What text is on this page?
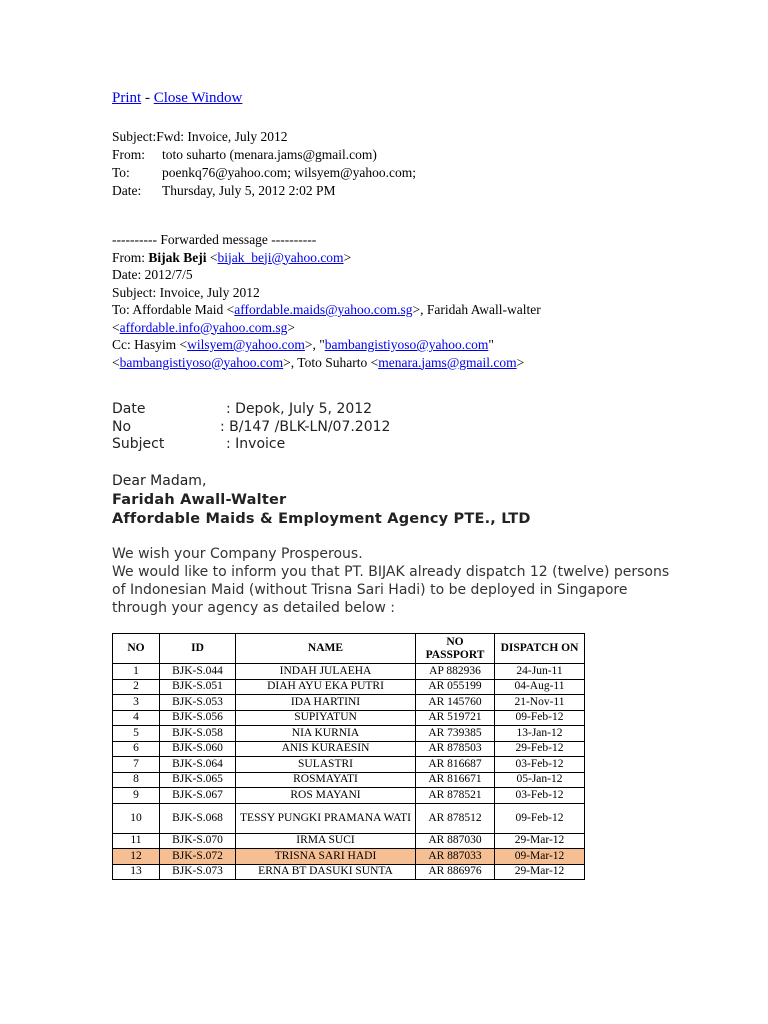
Print - Close Window
Subject:Fwd: Invoice, July 2012
From: toto suharto (menara.jams@gmail.com)
To: poenkq76@yahoo.com; wilsyem@yahoo.com;
Date: Thursday, July 5, 2012 2:02 PM
---------- Forwarded message ----------
From: Bijak Beji <bijak_beji@yahoo.com>
Date: 2012/7/5
Subject: Invoice, July 2012
To: Affordable Maid <affordable.maids@yahoo.com.sg>, Faridah Awall-walter
<affordable.info@yahoo.com.sg>
Cc: Hasyim <wilsyem@yahoo.com>, "bambangistiyoso@yahoo.com"
<bambangistiyoso@yahoo.com>, Toto Suharto <menara.jams@gmail.com>
Date	: Depok, July 5, 2012
No	: B/147 /BLK-LN/07.2012
Subject	: Invoice
Dear Madam,
Faridah Awall-Walter
Affordable Maids & Employment Agency PTE., LTD
We wish your Company Prosperous.
We would like to inform you that PT. BIJAK already dispatch 12 (twelve) persons of Indonesian Maid (without Trisna Sari Hadi) to be deployed in Singapore through your agency as detailed below :
NO	ID	NAME	NO PASSPORT	DISPATCH ON
1	BJK-S.044	INDAH JULAEHA	AP 882936	24-Jun-11
2	BJK-S.051	DIAH AYU EKA PUTRI	AR 055199	04-Aug-11
3	BJK-S.053	IDA HARTINI	AR 145760	21-Nov-11
4	BJK-S.056	SUPIYATUN	AR 519721	09-Feb-12
5	BJK-S.058	NIA KURNIA	AR 739385	13-Jan-12
6	BJK-S.060	ANIS KURAESIN	AR 878503	29-Feb-12
7	BJK-S.064	SULASTRI	AR 816687	03-Feb-12
8	BJK-S.065	ROSMAYATI	AR 816671	05-Jan-12
9	BJK-S.067	ROS MAYANI	AR 878521	03-Feb-12
10	BJK-S.068	TESSY PUNGKI PRAMANA WATI	AR 878512	09-Feb-12
11	BJK-S.070	IRMA SUCI	AR 887030	29-Mar-12
12	BJK-S.072	TRISNA SARI HADI	AR 887033	09-Mar-12
13	BJK-S.073	ERNA BT DASUKI SUNTA	AR 886976	29-Mar-12
